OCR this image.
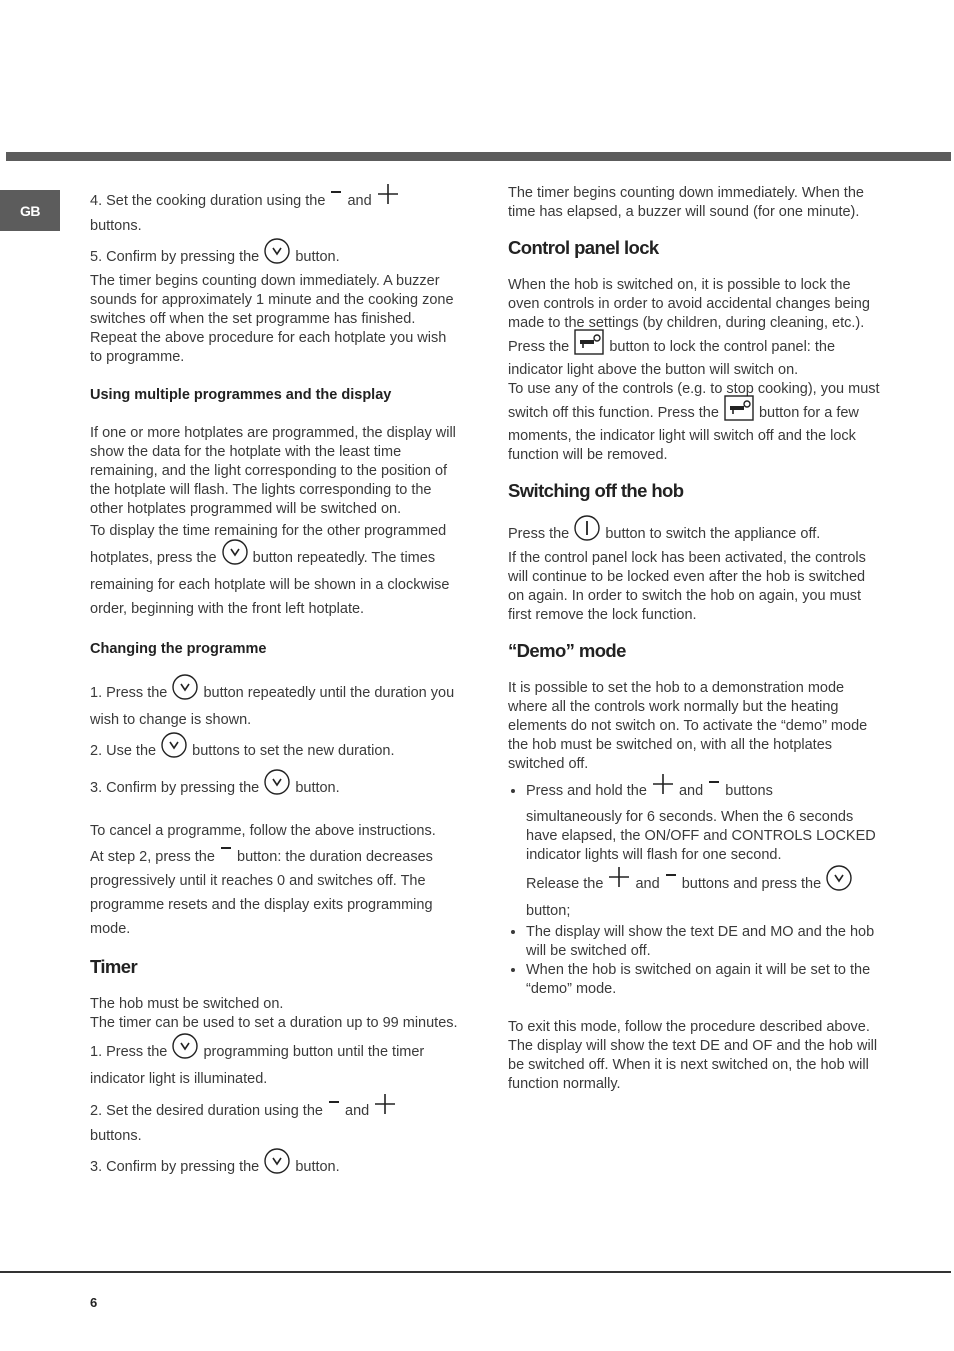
GB

4. Set the cooking duration using the and
buttons.

5. Confirm by pressing the button.

The timer begins counting down immediately. A buzzer sounds for approximately 1 minute and the cooking zone switches off when the set programme has finished.

Repeat the above procedure for each hotplate you wish to programme.

Using multiple programmes and the display

If one or more hotplates are programmed, the display will show the data for the hotplate with the least time remaining, and the light corresponding to the position of the hotplate will flash. The lights corresponding to the other hotplates programmed will be switched on.

To display the time remaining for the other programmed hotplates, press the button repeatedly. The times remaining for each hotplate will be shown in a clockwise order, beginning with the front left hotplate.

Changing the programme

1. Press the button repeatedly until the duration you wish to change is shown.

2. Use the buttons to set the new duration.

3. Confirm by pressing the button.

To cancel a programme, follow the above instructions.

At step 2, press the button: the duration decreases progressively until it reaches 0 and switches off. The programme resets and the display exits programming mode.

Timer

The hob must be switched on.

The timer can be used to set a duration up to 99 minutes.

1. Press the programming button until the timer indicator light is illuminated.

2. Set the desired duration using the and
buttons.

3. Confirm by pressing the button.

The timer begins counting down immediately. When the time has elapsed, a buzzer will sound (for one minute).

Control panel lock

When the hob is switched on, it is possible to lock the oven controls in order to avoid accidental changes being made to the settings (by children, during cleaning, etc.). Press the	button to lock the control panel: the indicator light above the button will switch on.

To use any of the controls (e.g. to stop cooking), you must switch off this function. Press the	button for a few moments, the indicator light will switch off and the lock function will be removed.

Switching off the hob

Press the button to switch the appliance off.

If the control panel lock has been activated, the controls will continue to be locked even after the hob is switched on again. In order to switch the hob on again, you must first remove the lock function.

“Demo” mode

It is possible to set the hob to a demonstration mode where all the controls work normally but the heating elements do not switch on. To activate the “demo” mode the hob must be switched on, with all the hotplates switched off.

• Press and hold the and buttons
simultaneously for 6 seconds. When the 6 seconds have elapsed, the ON/OFF and CONTROLS LOCKED indicator lights will flash for one second.
Release the and buttons and press the
button;
• The display will show the text DE and MO and the hob will be switched off.
• When the hob is switched on again it will be set to the “demo” mode.

To exit this mode, follow the procedure described above. The display will show the text DE and OF and the hob will be switched off. When it is next switched on, the hob will function normally.

6
